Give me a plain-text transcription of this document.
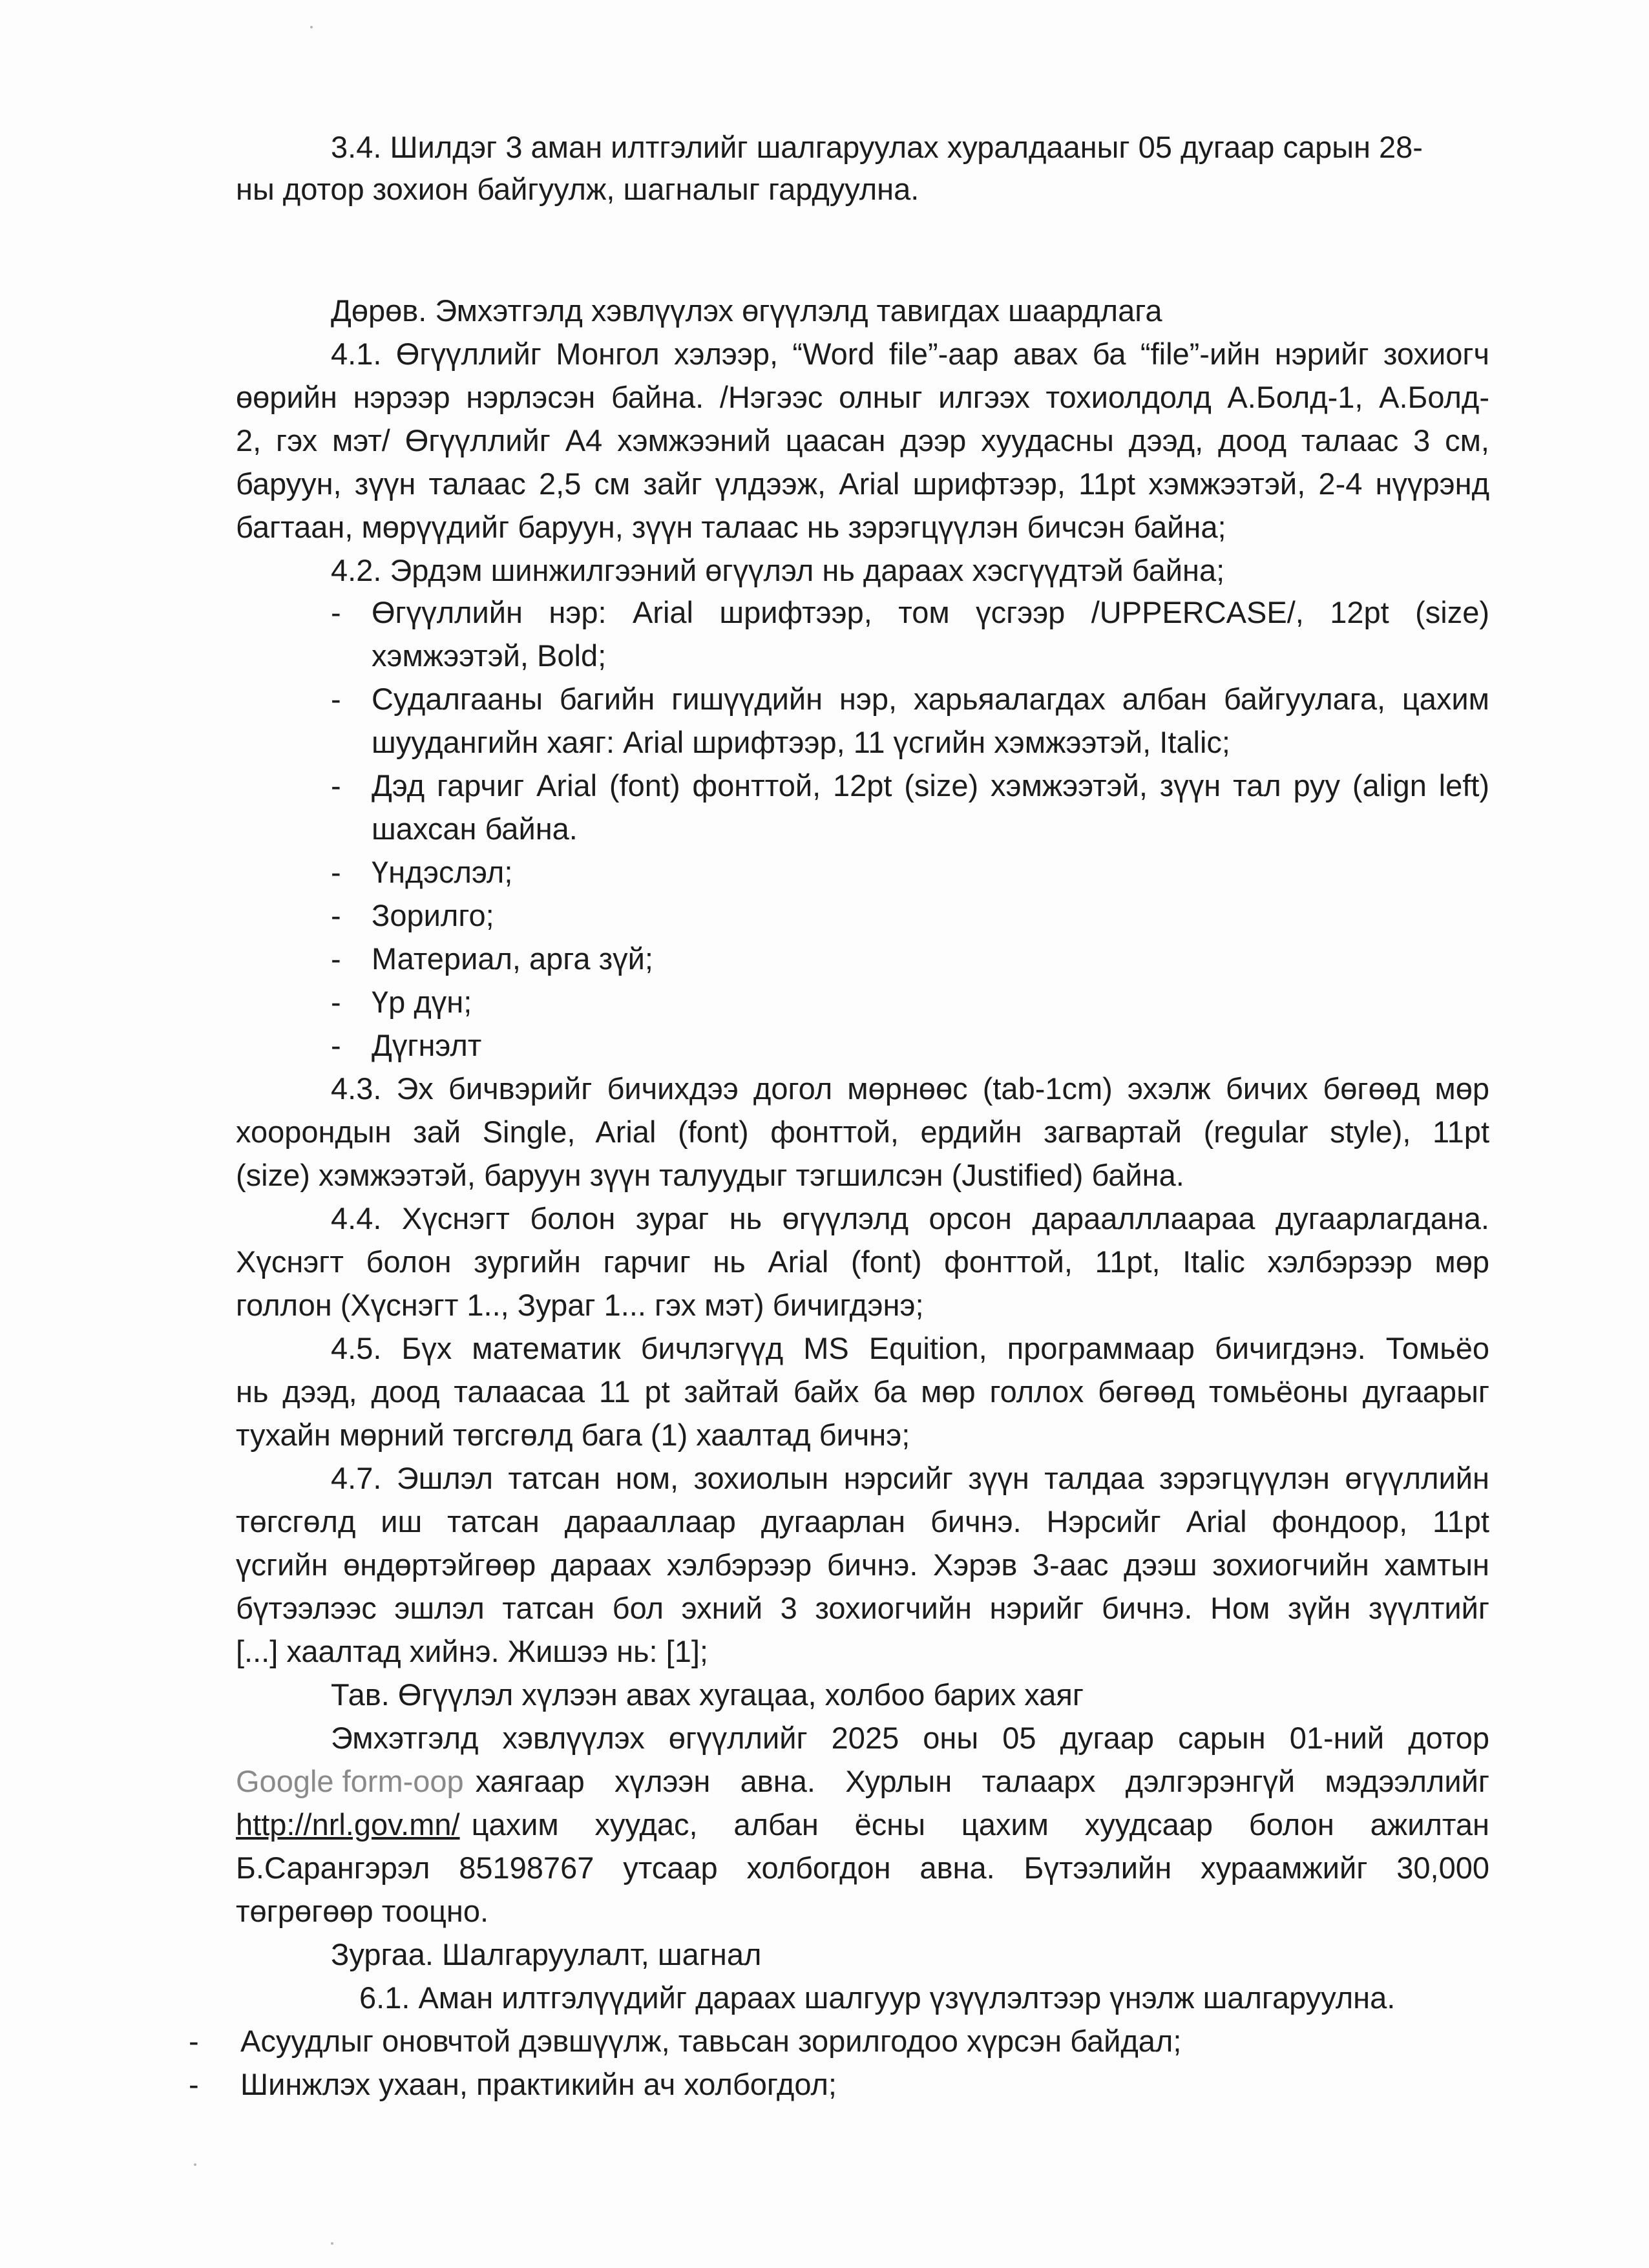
3.4. Шилдэг 3 аман илтгэлийг шалгаруулах хуралдааныг 05 дугаар сарын 28-
ны дотор зохион байгуулж, шагналыг гардуулна.
Дөрөв. Эмхэтгэлд хэвлүүлэх өгүүлэлд тавигдах шаардлага
4.1. Өгүүллийг Монгол хэлээр, “Word file”-аар авах ба “file”-ийн нэрийг зохиогч
өөрийн нэрээр нэрлэсэн байна. /Нэгээс олныг илгээх тохиолдолд А.Болд-1, А.Болд-
2, гэх мэт/ Өгүүллийг А4 хэмжээний цаасан дээр хуудасны дээд, доод талаас 3 см,
баруун, зүүн талаас 2,5 см зайг үлдээж, Arial шрифтээр, 11pt хэмжээтэй, 2-4 нүүрэнд
багтаан, мөрүүдийг баруун, зүүн талаас нь зэрэгцүүлэн бичсэн байна;
4.2. Эрдэм шинжилгээний өгүүлэл нь дараах хэсгүүдтэй байна;
- Өгүүллийн нэр: Arial шрифтээр, том үсгээр /UPPERCASE/, 12pt (size)
хэмжээтэй, Bold;
- Судалгааны багийн гишүүдийн нэр, харьяалагдах албан байгуулага, цахим
шуудангийн хаяг: Arial шрифтээр, 11 үсгийн хэмжээтэй, Italic;
- Дэд гарчиг Arial (font) фонттой, 12pt (size) хэмжээтэй, зүүн тал руу (align left)
шахсан байна.
- Үндэслэл;
- Зорилго;
- Материал, арга зүй;
- Үр дүн;
- Дүгнэлт
4.3. Эх бичвэрийг бичихдээ догол мөрнөөс (tab-1cm) эхэлж бичих бөгөөд мөр
хоорондын зай Single, Arial (font) фонттой, ердийн загвартай (regular style), 11pt
(size) хэмжээтэй, баруун зүүн талуудыг тэгшилсэн (Justified) байна.
4.4. Хүснэгт болон зураг нь өгүүлэлд орсон дараалллаараа дугаарлагдана.
Хүснэгт болон зургийн гарчиг нь Arial (font) фонттой, 11pt, Italic хэлбэрээр мөр
голлон (Хүснэгт 1.., Зураг 1... гэх мэт) бичигдэнэ;
4.5. Бүх математик бичлэгүүд MS Equition, программаар бичигдэнэ. Томьёо
нь дээд, доод талаасаа 11 pt зайтай байх ба мөр голлох бөгөөд томьёоны дугаарыг
тухайн мөрний төгсгөлд бага (1) хаалтад бичнэ;
4.7. Эшлэл татсан ном, зохиолын нэрсийг зүүн талдаа зэрэгцүүлэн өгүүллийн
төгсгөлд иш татсан дарааллаар дугаарлан бичнэ. Нэрсийг Arial фондоор, 11pt
үсгийн өндөртэйгөөр дараах хэлбэрээр бичнэ. Хэрэв 3-аас дээш зохиогчийн хамтын
бүтээлээс эшлэл татсан бол эхний 3 зохиогчийн нэрийг бичнэ. Ном зүйн зүүлтийг
[...] хаалтад хийнэ. Жишээ нь: [1];
Тав. Өгүүлэл хүлээн авах хугацаа, холбоо барих хаяг
Эмхэтгэлд хэвлүүлэх өгүүллийг 2025 оны 05 дугаар сарын 01-ний дотор
Google form-oop хаягаар хүлээн авна. Хурлын талаарх дэлгэрэнгүй мэдээллийг
http://nrl.gov.mn/ цахим хуудас, албан ёсны цахим хуудсаар болон ажилтан
Б.Сарангэрэл 85198767 утсаар холбогдон авна. Бүтээлийн хураамжийг 30,000
төгрөгөөр тооцно.
Зургаа. Шалгаруулалт, шагнал
6.1. Аман илтгэлүүдийг дараах шалгуур үзүүлэлтээр үнэлж шалгаруулна.
- Асуудлыг оновчтой дэвшүүлж, тавьсан зорилгодоо хүрсэн байдал;
- Шинжлэх ухаан, практикийн ач холбогдол;
